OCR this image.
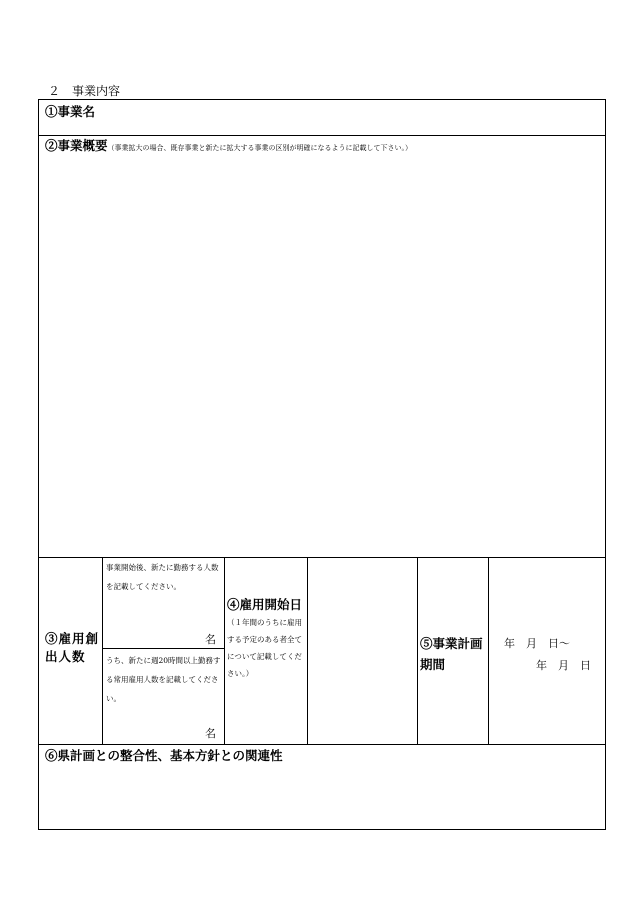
２　事業内容
①事業名
②事業概要（事業拡大の場合、既存事業と新たに拡大する事業の区別が明確になるように記載して下さい。）
③雇用創出人数
事業開始後、新たに勤務する人数を記載してください。
名
うち、新たに週20時間以上勤務する常用雇用人数を記載してください。
名
④雇用開始日
（１年間のうちに雇用する予定のある者全てについて記載してください。）
⑤事業計画期間
年　月　日～
年　月　日
⑥県計画との整合性、基本方針との関連性
